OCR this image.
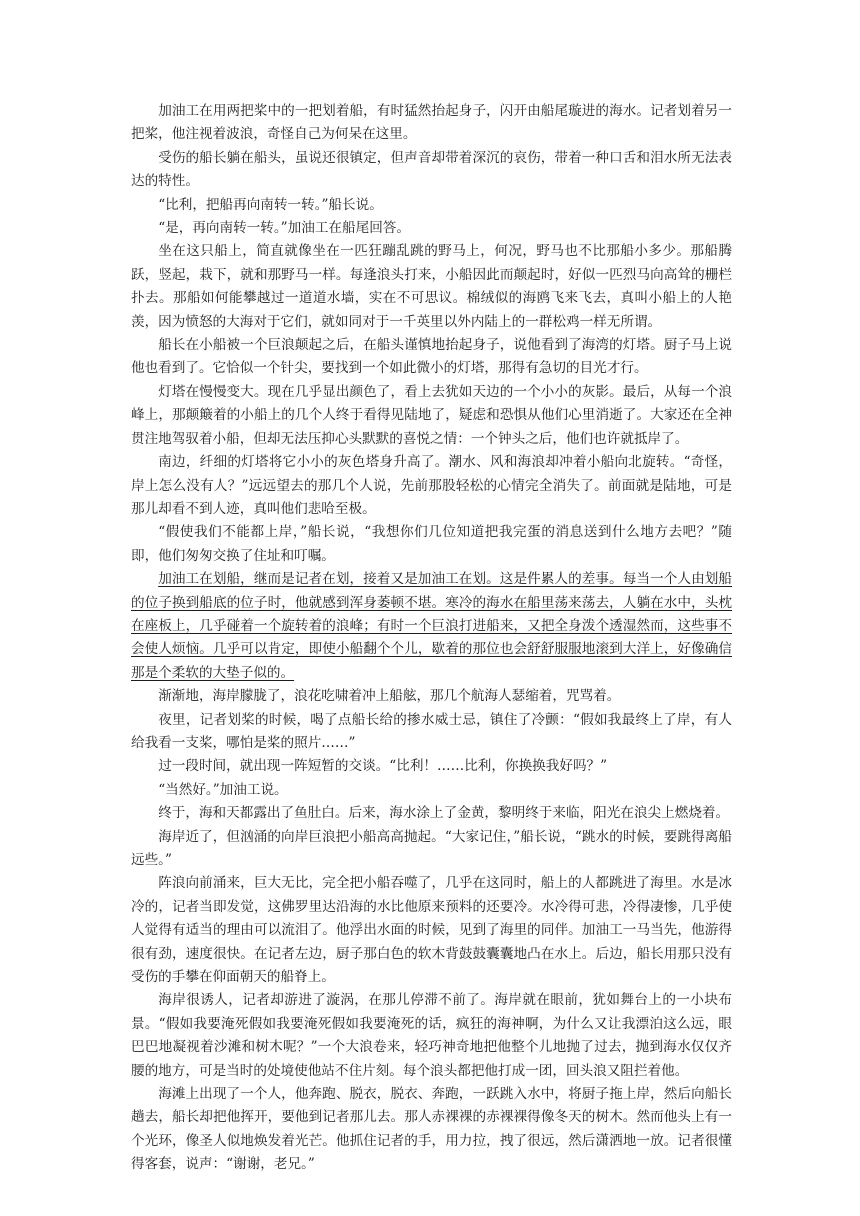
加油工在用两把桨中的一把划着船，有时猛然抬起身子，闪开由船尾璇进的海水。记者划着另一把桨，他注视着波浪，奇怪自己为何呆在这里。

受伤的船长躺在船头，虽说还很镇定，但声音却带着深沉的哀伤，带着一种口舌和泪水所无法表达的特性。

“比利，把船再向南转一转。”船长说。

“是，再向南转一转。”加油工在船尾回答。

坐在这只船上，简直就像坐在一匹狂蹦乱跳的野马上，何况，野马也不比那船小多少。那船腾跃，竖起，栽下，就和那野马一样。每逢浪头打来，小船因此而颠起时，好似一匹烈马向高耸的栅栏扑去。那船如何能攀越过一道道水墙，实在不可思议。棉绒似的海鸥飞来飞去，真叫小船上的人艳羡，因为愤怒的大海对于它们，就如同对于一千英里以外内陆上的一群松鸡一样无所谓。

船长在小船被一个巨浪颠起之后，在船头谨慎地抬起身子，说他看到了海湾的灯塔。厨子马上说他也看到了。它恰似一个针尖，要找到一个如此微小的灯塔，那得有急切的目光才行。

灯塔在慢慢变大。现在几乎显出颜色了，看上去犹如天边的一个小小的灰影。最后，从每一个浪峰上，那颠簸着的小船上的几个人终于看得见陆地了，疑虑和恐惧从他们心里消逝了。大家还在全神贯注地驾驭着小船，但却无法压抑心头默默的喜悦之情：一个钟头之后，他们也许就抵岸了。

南边，纤细的灯塔将它小小的灰色塔身升高了。潮水、风和海浪却冲着小船向北旋转。“奇怪，岸上怎么没有人？”远远望去的那几个人说，先前那股轻松的心情完全消失了。前面就是陆地，可是那儿却看不到人迹，真叫他们悲哈至极。

“假使我们不能都上岸，”船长说，“我想你们几位知道把我完蛋的消息送到什么地方去吧？”随即，他们匆匆交换了住址和叮嘱。

加油工在划船，继而是记者在划，接着又是加油工在划。这是件累人的差事。每当一个人由划船的位子换到船底的位子时，他就感到浑身萎顿不堪。寒冷的海水在船里荡来荡去，人躺在水中，头枕在座板上，几乎碰着一个旋转着的浪峰；有时一个巨浪打进船来，又把全身泼个透湿然而，这些事不会使人烦恼。几乎可以肯定，即使小船翻个个儿，歇着的那位也会舒舒服服地滚到大洋上，好像确信那是个柔软的大垫子似的。

渐渐地，海岸朦胧了，浪花吃啸着冲上船舷，那几个航海人瑟缩着，咒骂着。

夜里，记者划桨的时候，喝了点船长给的掺水威士忌，镇住了冷颤：“假如我最终上了岸，有人给我看一支桨，哪怕是桨的照片……”

过一段时间，就出现一阵短暂的交谈。“比利！……比利，你换换我好吗？”

“当然好。”加油工说。

终于，海和天都露出了鱼肚白。后来，海水涂上了金黄，黎明终于来临，阳光在浪尖上燃烧着。

海岸近了，但汹涌的向岸巨浪把小船高高抛起。“大家记住，”船长说，“跳水的时候，要跳得离船远些。”

阵浪向前涌来，巨大无比，完全把小船吞噬了，几乎在这同时，船上的人都跳进了海里。水是冰冷的，记者当即发觉，这佛罗里达沿海的水比他原来预料的还要冷。水冷得可悲，冷得凄惨，几乎使人觉得有适当的理由可以流泪了。他浮出水面的时候，见到了海里的同伴。加油工一马当先，他游得很有劲，速度很快。在记者左边，厨子那白色的软木背鼓鼓囊囊地凸在水上。后边，船长用那只没有受伤的手攀在仰面朝天的船脊上。

海岸很诱人，记者却游进了漩涡，在那儿停滞不前了。海岸就在眼前，犹如舞台上的一小块布景。“假如我要淹死假如我要淹死假如我要淹死的话，疯狂的海神啊，为什么又让我漂泊这么远，眼巴巴地凝视着沙滩和树木呢？”一个大浪卷来，轻巧神奇地把他整个儿地抛了过去，抛到海水仅仅齐腰的地方，可是当时的处境使他站不住片刻。每个浪头都把他打成一团，回头浪又阻拦着他。

海滩上出现了一个人，他奔跑、脱衣，脱衣、奔跑，一跃跳入水中，将厨子拖上岸，然后向船长趟去，船长却把他挥开，要他到记者那儿去。那人赤裸裸的赤裸裸得像冬天的树木。然而他头上有一个光环，像圣人似地焕发着光芒。他抓住记者的手，用力拉，拽了很远，然后潇洒地一放。记者很懂得客套，说声：“谢谢，老兄。”
